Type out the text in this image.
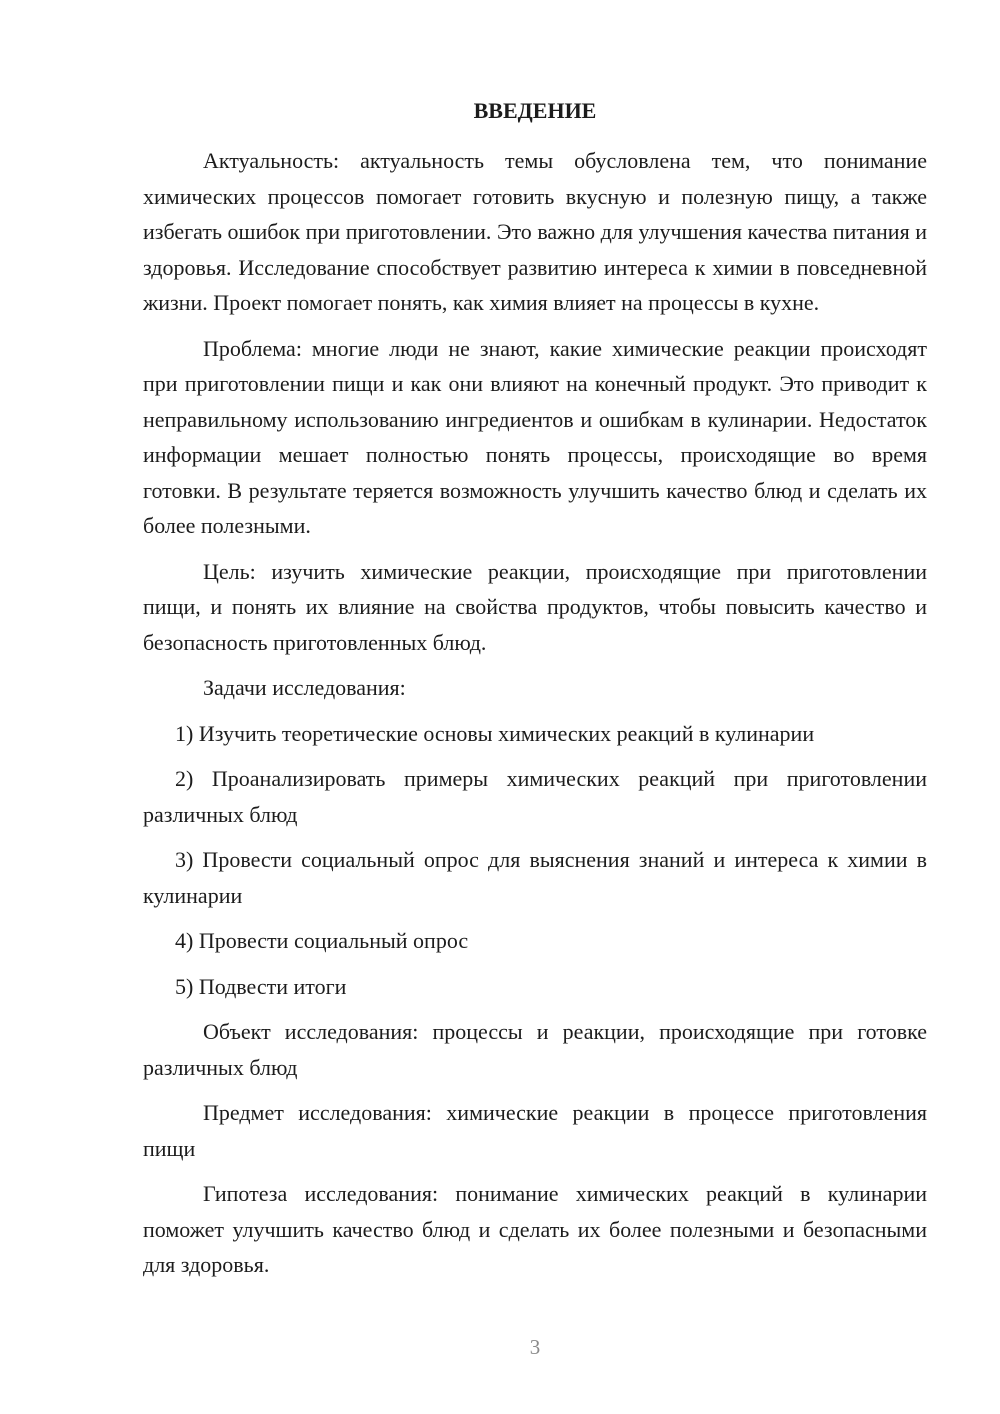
ВВЕДЕНИЕ

Актуальность: актуальность темы обусловлена тем, что понимание химических процессов помогает готовить вкусную и полезную пищу, а также избегать ошибок при приготовлении. Это важно для улучшения качества питания и здоровья. Исследование способствует развитию интереса к химии в повседневной жизни. Проект помогает понять, как химия влияет на процессы в кухне.

Проблема: многие люди не знают, какие химические реакции происходят при приготовлении пищи и как они влияют на конечный продукт. Это приводит к неправильному использованию ингредиентов и ошибкам в кулинарии. Недостаток информации мешает полностью понять процессы, происходящие во время готовки. В результате теряется возможность улучшить качество блюд и сделать их более полезными.

Цель: изучить химические реакции, происходящие при приготовлении пищи, и понять их влияние на свойства продуктов, чтобы повысить качество и безопасность приготовленных блюд.

Задачи исследования:

1) Изучить теоретические основы химических реакций в кулинарии

2) Проанализировать примеры химических реакций при приготовлении различных блюд

3) Провести социальный опрос для выяснения знаний и интереса к химии в кулинарии

4) Провести социальный опрос

5) Подвести итоги

Объект исследования: процессы и реакции, происходящие при готовке различных блюд

Предмет исследования: химические реакции в процессе приготовления пищи

Гипотеза исследования: понимание химических реакций в кулинарии поможет улучшить качество блюд и сделать их более полезными и безопасными для здоровья.

3
